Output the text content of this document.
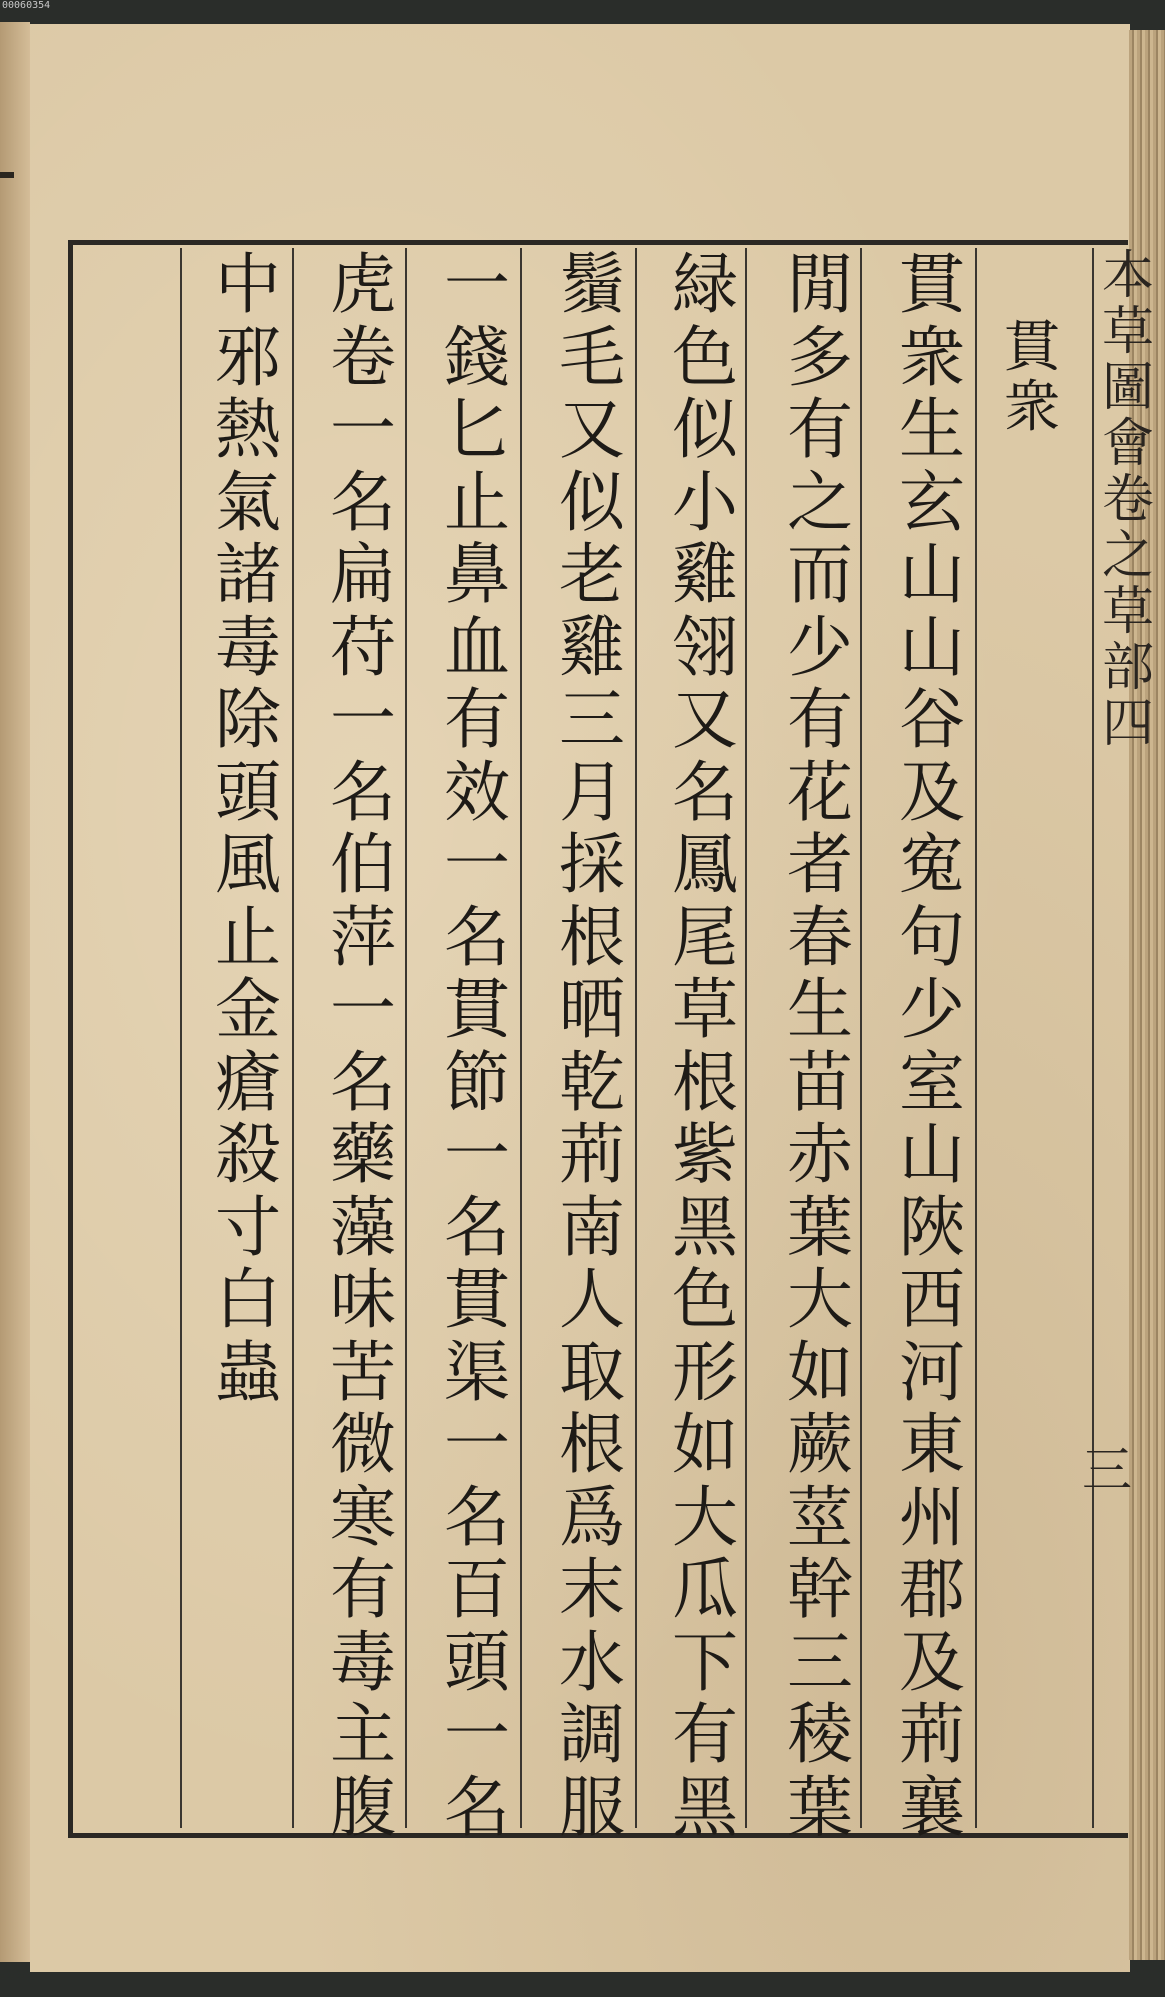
00060354
本
草
圖
會
卷
之
草
部
四
貫
衆
貫
衆
生
玄
山
山
谷
及
寃
句
少
室
山
陜
西
河
東
州
郡
及
荊
襄
閒
多
有
之
而
少
有
花
者
春
生
苗
赤
葉
大
如
蕨
莖
幹
三
稜
葉
緑
色
似
小
雞
翎
又
名
鳳
尾
草
根
紫
黑
色
形
如
大
瓜
下
有
黑
鬚
毛
又
似
老
雞
三
月
採
根
晒
乾
荊
南
人
取
根
爲
末
水
調
服
一
錢
匕
止
鼻
血
有
效
一
名
貫
節
一
名
貫
渠
一
名
百
頭
一
名
虎
卷
一
名
扁
苻
一
名
伯
萍
一
名
藥
藻
味
苦
微
寒
有
毒
主
腹
中
邪
熱
氣
諸
毒
除
頭
風
止
金
瘡
殺
寸
白
蟲
三
